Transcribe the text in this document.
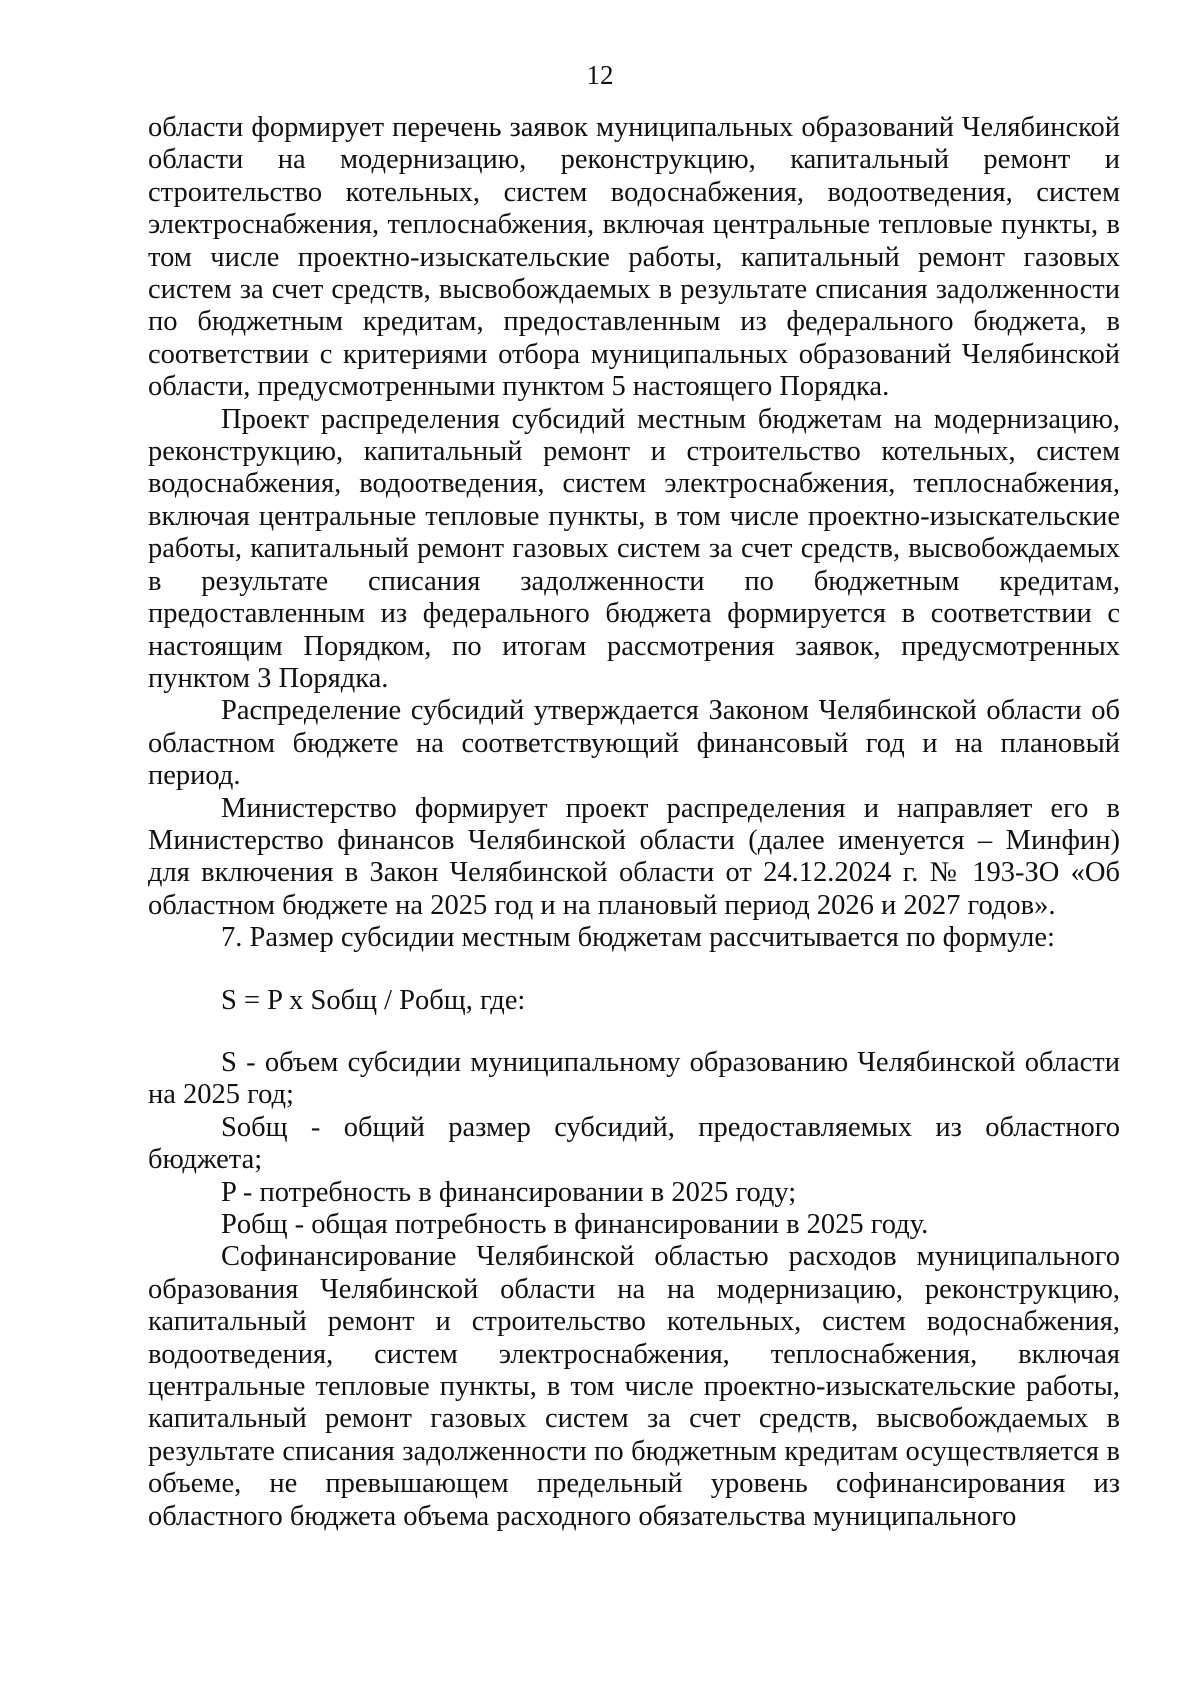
12

области формирует перечень заявок муниципальных образований Челябинской области на модернизацию, реконструкцию, капитальный ремонт и строительство котельных, систем водоснабжения, водоотведения, систем электроснабжения, теплоснабжения, включая центральные тепловые пункты, в том числе проектно-изыскательские работы, капитальный ремонт газовых систем за счет средств, высвобождаемых в результате списания задолженности по бюджетным кредитам, предоставленным из федерального бюджета, в соответствии с критериями отбора муниципальных образований Челябинской области, предусмотренными пунктом 5 настоящего Порядка.

Проект распределения субсидий местным бюджетам на модернизацию, реконструкцию, капитальный ремонт и строительство котельных, систем водоснабжения, водоотведения, систем электроснабжения, теплоснабжения, включая центральные тепловые пункты, в том числе проектно-изыскательские работы, капитальный ремонт газовых систем за счет средств, высвобождаемых в результате списания задолженности по бюджетным кредитам, предоставленным из федерального бюджета формируется в соответствии с настоящим Порядком, по итогам рассмотрения заявок, предусмотренных пунктом 3 Порядка.

Распределение субсидий утверждается Законом Челябинской области об областном бюджете на соответствующий финансовый год и на плановый период.

Министерство формирует проект распределения и направляет его в Министерство финансов Челябинской области (далее именуется – Минфин) для включения в Закон Челябинской области от 24.12.2024 г. № 193-ЗО «Об областном бюджете на 2025 год и на плановый период 2026 и 2027 годов».

7. Размер субсидии местным бюджетам рассчитывается по формуле:

S = P x Sобщ / Pобщ, где:

S - объем субсидии муниципальному образованию Челябинской области на 2025 год;

Sобщ - общий размер субсидий, предоставляемых из областного бюджета;

P - потребность в финансировании в 2025 году;

Pобщ - общая потребность в финансировании в 2025 году.

Софинансирование Челябинской областью расходов муниципального образования Челябинской области на на модернизацию, реконструкцию, капитальный ремонт и строительство котельных, систем водоснабжения, водоотведения, систем электроснабжения, теплоснабжения, включая центральные тепловые пункты, в том числе проектно-изыскательские работы, капитальный ремонт газовых систем за счет средств, высвобождаемых в результате списания задолженности по бюджетным кредитам осуществляется в объеме, не превышающем предельный уровень софинансирования из областного бюджета объема расходного обязательства муниципального
